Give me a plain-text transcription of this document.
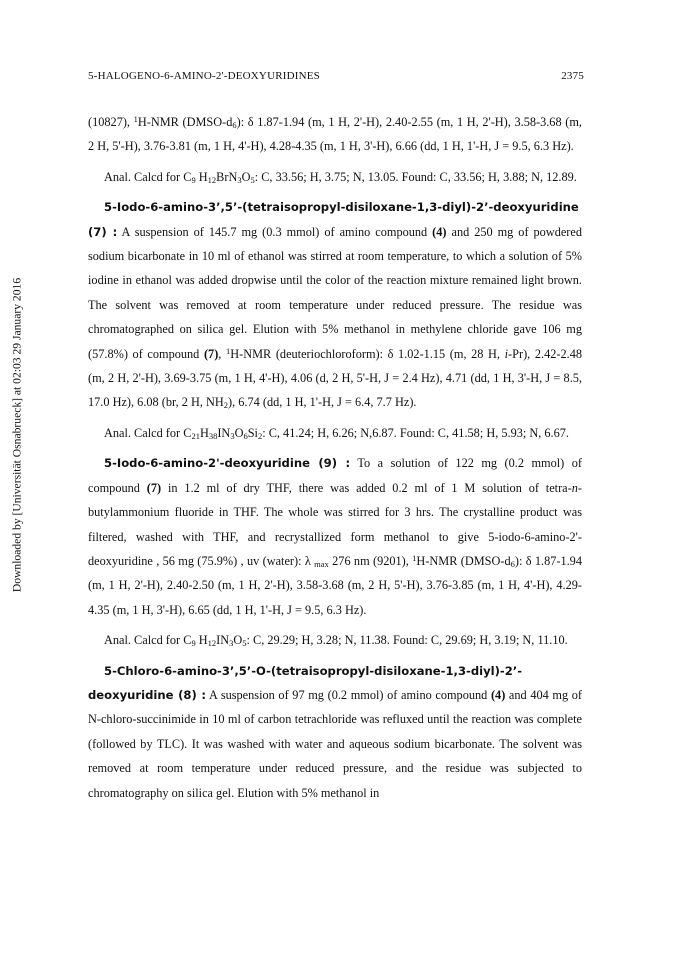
5-HALOGENO-6-AMINO-2'-DEOXYURIDINES	2375
Downloaded by [Universität Osnabrueck] at 02:03 29 January 2016

(10827), $^1$H-NMR $(DMSO-d_6)$: δ 1.87-1.94 (m, 1 H, 2'-H), 2.40-2.55 (m, 1 H, 2'-H), 3.58-3.68 (m, 2 H, 5'-H), 3.76-3.81 (m, 1 H, 4'-H), 4.28-4.35 (m, 1 H, 3'-H), 6.66 (dd, 1 H, 1'-H, J = 9.5, 6.3 Hz).

Anal. Calcd for $C_9$ $H_{12}BrN_3O_5$: C, 33.56; H, 3.75; N, 13.05. Found: C, 33.56; H, 3.88; N, 12.89.

5-Iodo-6-amino-3’,5’-(tetraisopropyl-disiloxane-1,3-diyl)-2’-deoxyuridine (7) : A suspension of 145.7 mg (0.3 mmol) of amino compound (4) and 250 mg of powdered sodium bicarbonate in 10 ml of ethanol was stirred at room temperature, to which a solution of 5% iodine in ethanol was added dropwise until the color of the reaction mixture remained light brown. The solvent was removed at room temperature under reduced pressure. The residue was chromatographed on silica gel. Elution with 5% methanol in methylene chloride gave 106 mg (57.8%) of compound (7), $^1$H-NMR (deuteriochloroform): δ 1.02-1.15 (m, 28 H, i-Pr), 2.42-2.48 (m, 2 H, 2'-H), 3.69-3.75 (m, 1 H, 4'-H), 4.06 (d, 2 H, 5'-H, J = 2.4 Hz), 4.71 (dd, 1 H, 3'-H, J = 8.5, 17.0 Hz), 6.08 (br, 2 H, $NH_2$), 6.74 (dd, 1 H, 1'-H, J = 6.4, 7.7 Hz).

Anal. Calcd for $C_{21}H_{38}IN_3O_6Si_2$: C, 41.24; H, 6.26; N,6.87. Found: C, 41.58; H, 5.93; N, 6.67.

5-Iodo-6-amino-2'-deoxyuridine (9) : To a solution of 122 mg (0.2 mmol) of compound (7) in 1.2 ml of dry THF, there was added 0.2 ml of 1 M solution of tetra-n-butylammonium fluoride in THF. The whole was stirred for 3 hrs. The crystalline product was filtered, washed with THF, and recrystallized form methanol to give 5-iodo-6-amino-2'-deoxyuridine , 56 mg (75.9%) , uv (water): λ $_{max}$ 276 nm (9201), $^1$H-NMR $(DMSO-d_6)$: δ 1.87-1.94 (m, 1 H, 2'-H), 2.40-2.50 (m, 1 H, 2'-H), 3.58-3.68 (m, 2 H, 5'-H), 3.76-3.85 (m, 1 H, 4'-H), 4.29-4.35 (m, 1 H, 3'-H), 6.65 (dd, 1 H, 1'-H, J = 9.5, 6.3 Hz).

Anal. Calcd for $C_9$ $H_{12}IN_3O_5$: C, 29.29; H, 3.28; N, 11.38. Found: C, 29.69; H, 3.19; N, 11.10.

5-Chloro-6-amino-3’,5’-O-(tetraisopropyl-disiloxane-1,3-diyl)-2’-deoxyuridine (8) : A suspension of 97 mg (0.2 mmol) of amino compound (4) and 404 mg of N-chloro-succinimide in 10 ml of carbon tetrachloride was refluxed until the reaction was complete (followed by TLC). It was washed with water and aqueous sodium bicarbonate. The solvent was removed at room temperature under reduced pressure, and the residue was subjected to chromatography on silica gel. Elution with 5% methanol in
